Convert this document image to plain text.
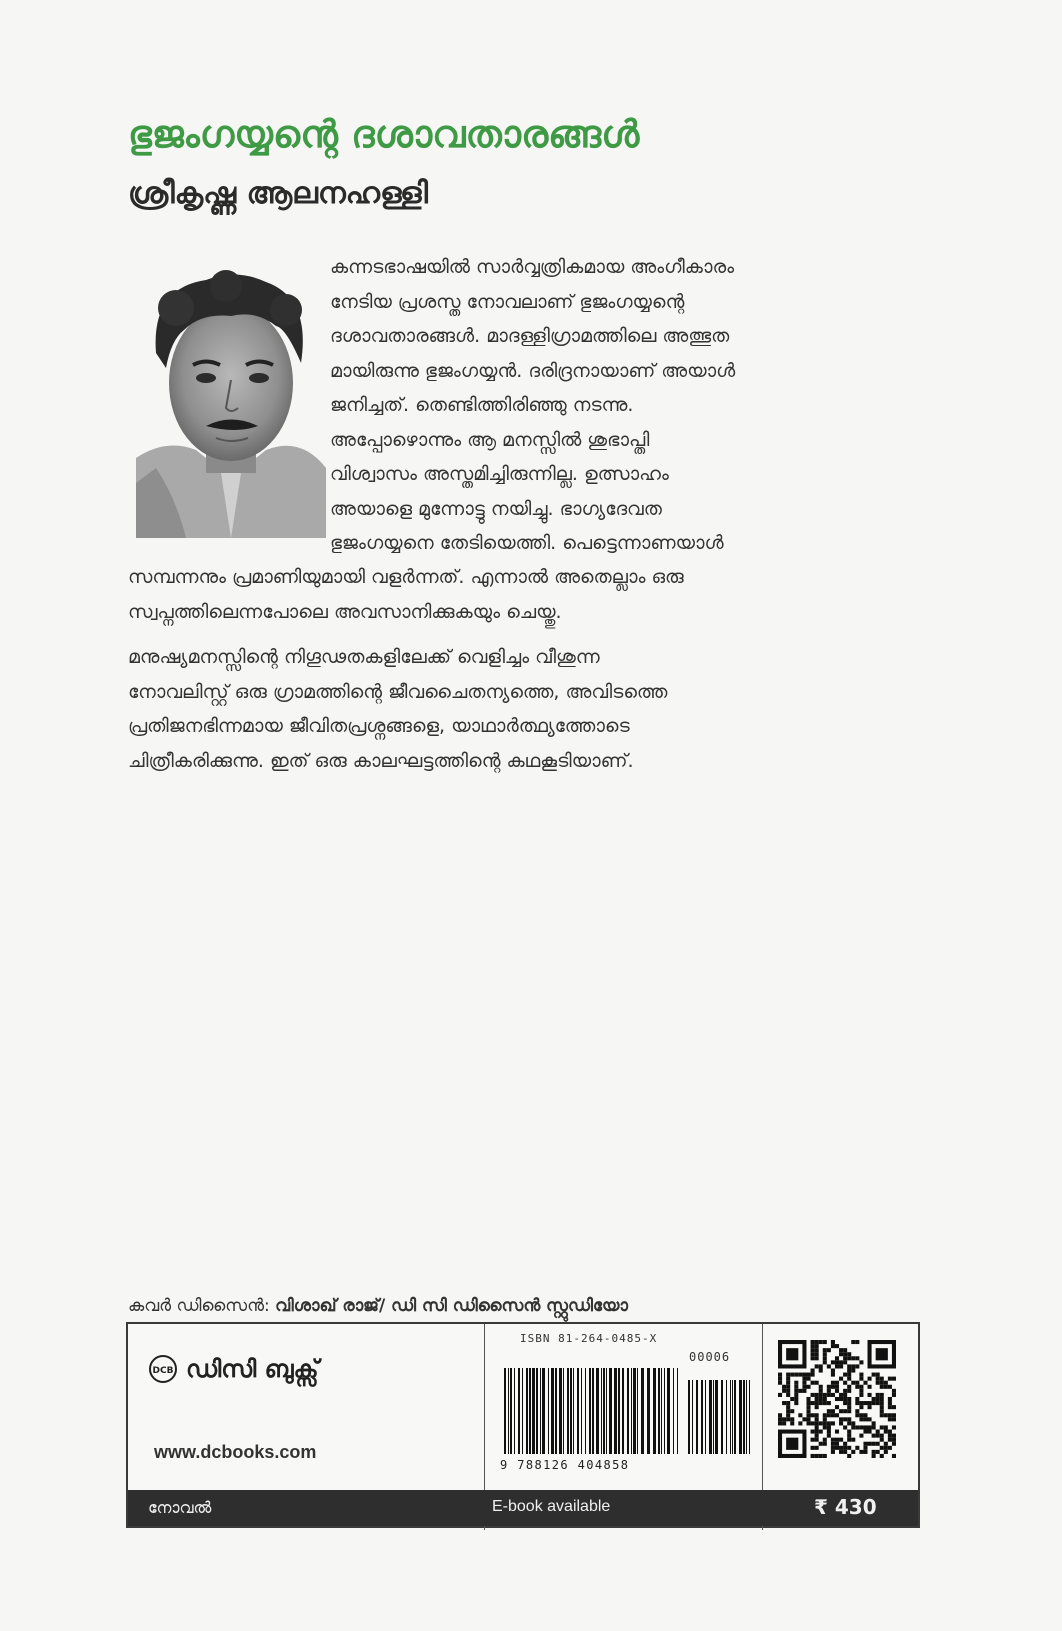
ഭുജംഗയ്യന്റെ ദശാവതാരങ്ങൾ
ശ്രീകൃഷ്ണ ആലനഹള്ളി
കന്നടഭാഷയിൽ സാർവ്വത്രികമായ അംഗീകാരം
നേടിയ പ്രശസ്ത നോവലാണ് ഭുജംഗയ്യന്റെ
ദശാവതാരങ്ങൾ. മാദള്ളിഗ്രാമത്തിലെ അത്ഭുത
മായിരുന്നു ഭുജംഗയ്യൻ. ദരിദ്രനായാണ് അയാൾ
ജനിച്ചത്. തെണ്ടിത്തിരിഞ്ഞു നടന്നു.
അപ്പോഴൊന്നും ആ മനസ്സിൽ ശുഭാപ്തി
വിശ്വാസം അസ്തമിച്ചിരുന്നില്ല. ഉത്സാഹം
അയാളെ മുന്നോട്ടു നയിച്ചു. ഭാഗ്യദേവത
ഭുജംഗയ്യനെ തേടിയെത്തി. പെട്ടെന്നാണയാൾ
സമ്പന്നനും പ്രമാണിയുമായി വളർന്നത്. എന്നാൽ അതെല്ലാം ഒരു
സ്വപ്നത്തിലെന്നപോലെ അവസാനിക്കുകയും ചെയ്തു.
മനുഷ്യമനസ്സിന്റെ നിഗൂഢതകളിലേക്ക് വെളിച്ചം വീശുന്ന
നോവലിസ്റ്റ് ഒരു ഗ്രാമത്തിന്റെ ജീവചൈതന്യത്തെ, അവിടത്തെ
പ്രതിജനഭിന്നമായ ജീവിതപ്രശ്നങ്ങളെ, യാഥാർത്ഥ്യത്തോടെ
ചിത്രീകരിക്കുന്നു. ഇത് ഒരു കാലഘട്ടത്തിന്റെ കഥകൂടിയാണ്.
കവർ ഡിസൈൻ: വിശാഖ് രാജ്/ ഡി സി ഡിസൈൻ സ്റ്റുഡിയോ
DCB ഡിസി ബുക്സ്
www.dcbooks.com
ISBN 81-264-0485-X
00006
9 788126 404858
നോവൽ	E-book available	₹ 430
